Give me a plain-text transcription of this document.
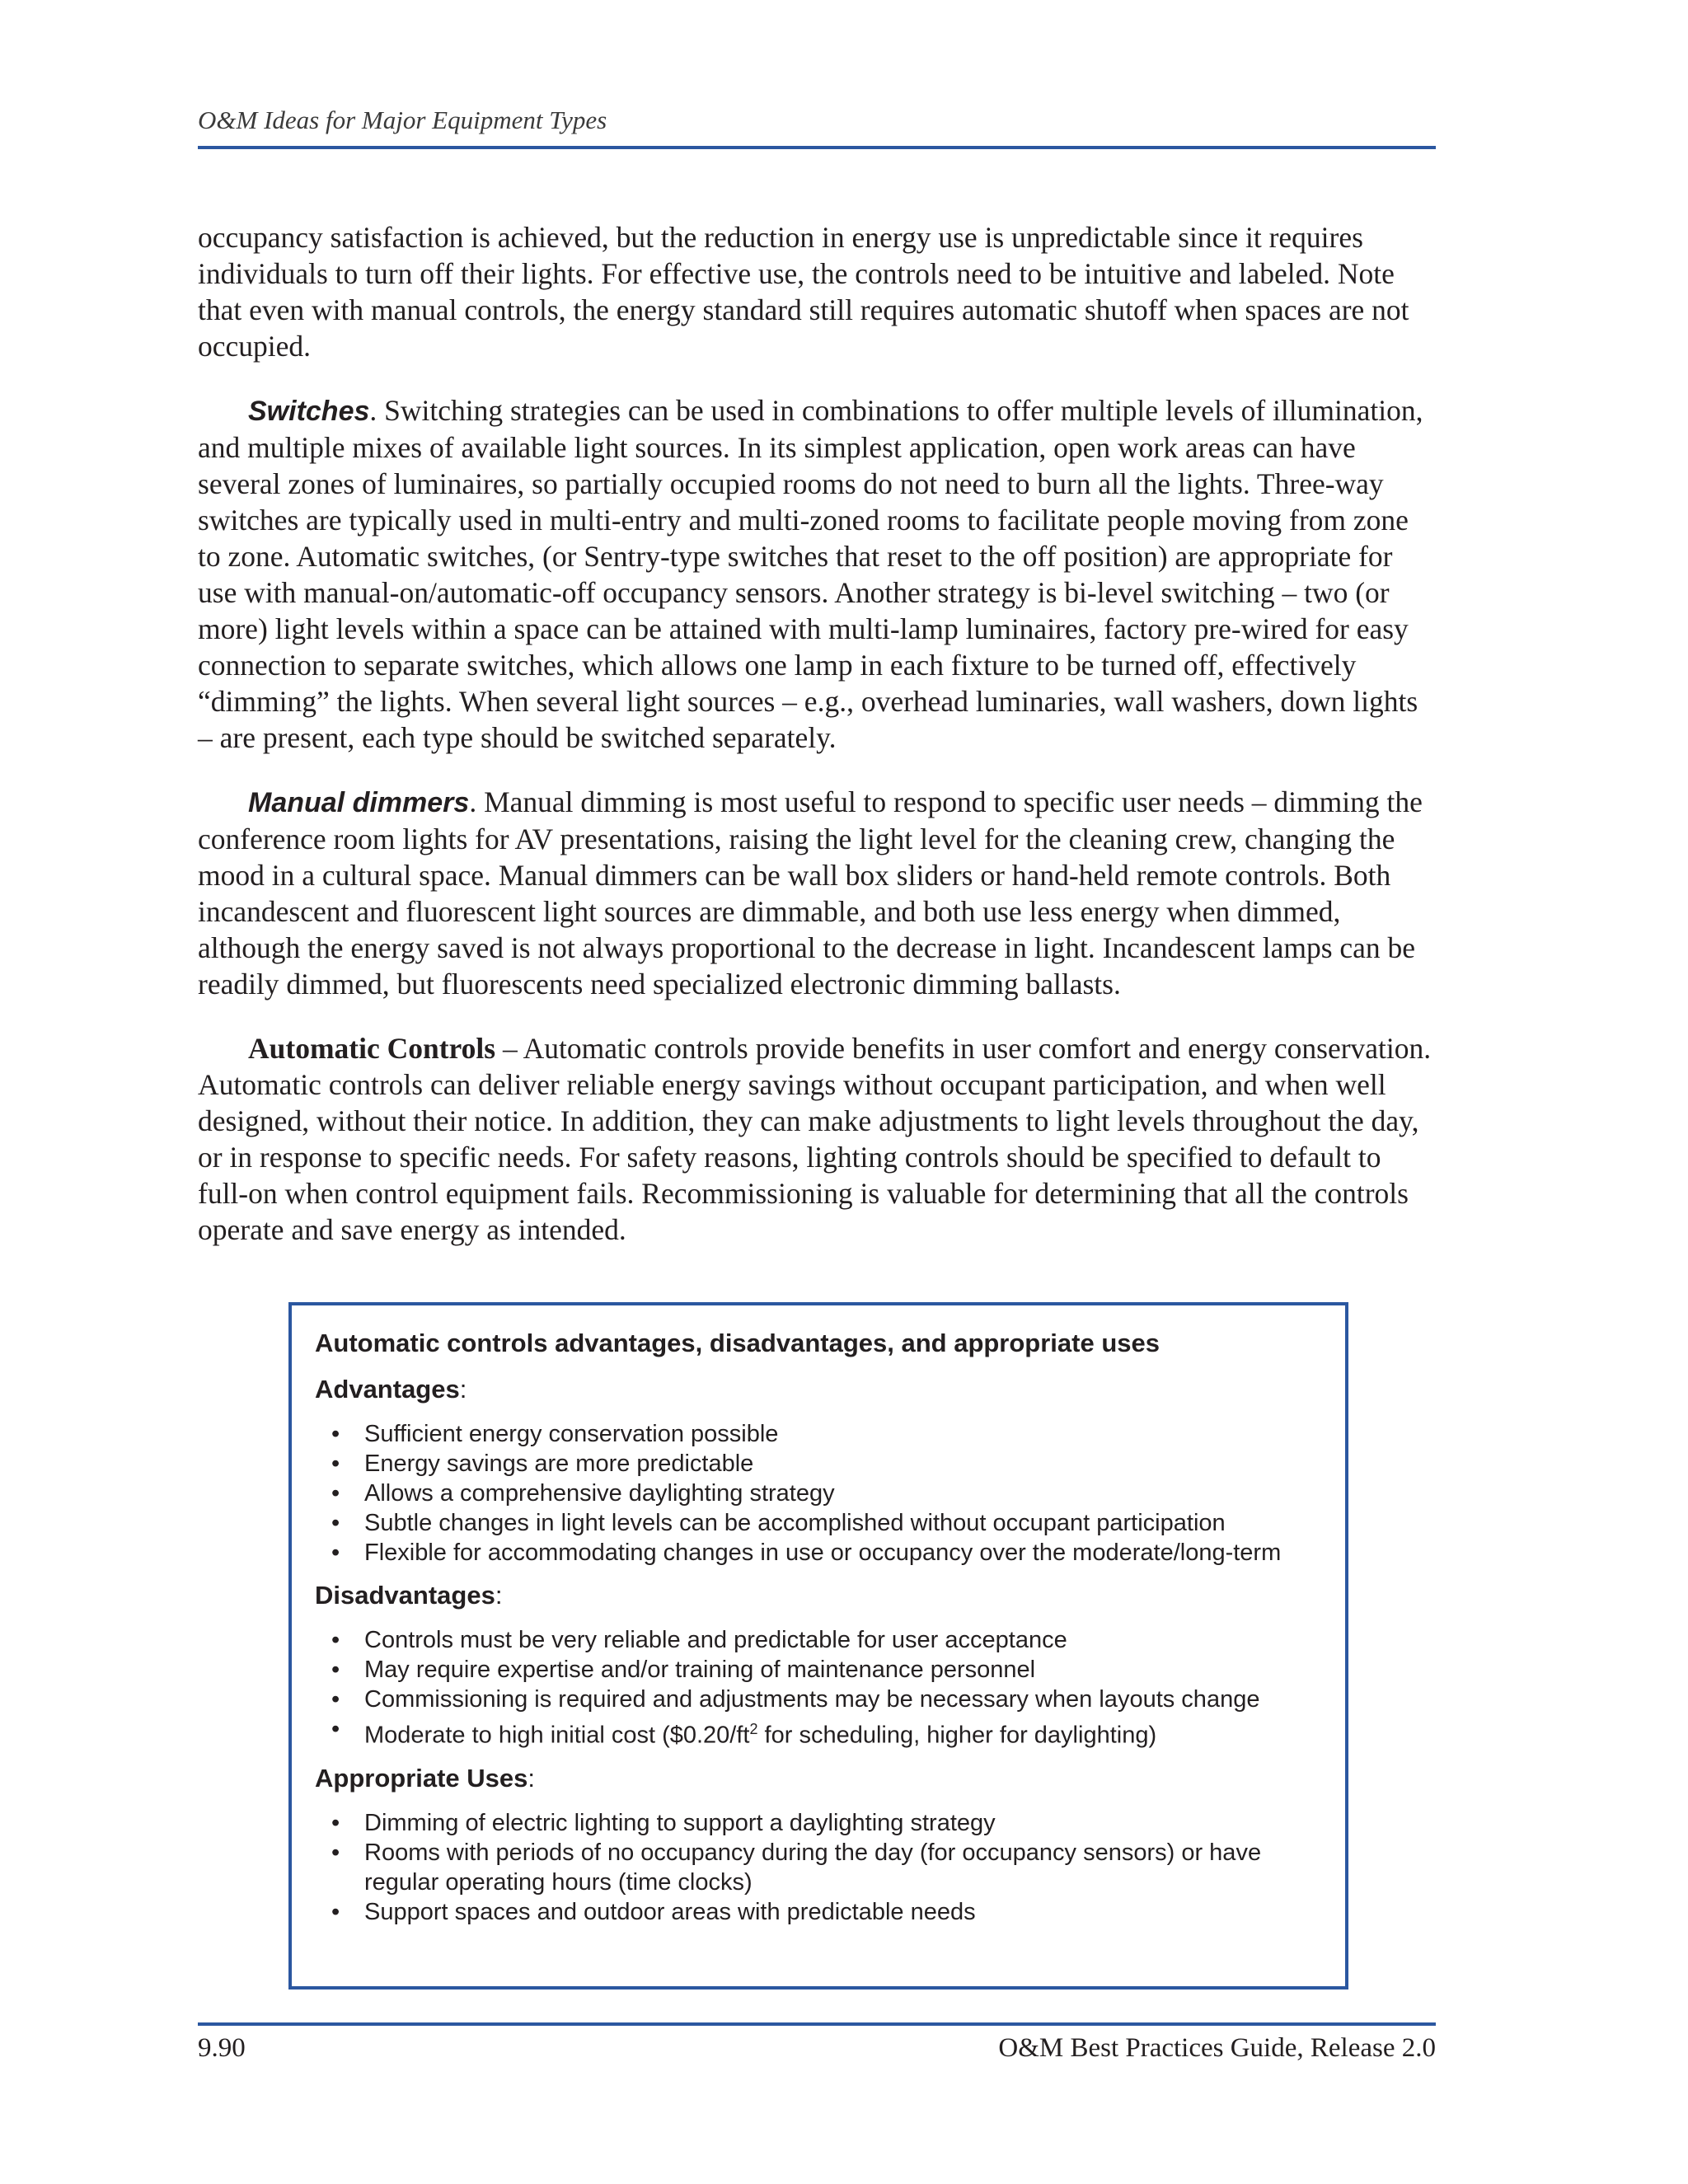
O&M Ideas for Major Equipment Types

occupancy satisfaction is achieved, but the reduction in energy use is unpredictable since it requires individuals to turn off their lights. For effective use, the controls need to be intuitive and labeled. Note that even with manual controls, the energy standard still requires automatic shutoff when spaces are not occupied.

Switches. Switching strategies can be used in combinations to offer multiple levels of illumination, and multiple mixes of available light sources. In its simplest application, open work areas can have several zones of luminaires, so partially occupied rooms do not need to burn all the lights. Three-way switches are typically used in multi-entry and multi-zoned rooms to facilitate people moving from zone to zone. Automatic switches, (or Sentry-type switches that reset to the off position) are appropriate for use with manual-on/automatic-off occupancy sensors. Another strategy is bi-level switching – two (or more) light levels within a space can be attained with multi-lamp luminaires, factory pre-wired for easy connection to separate switches, which allows one lamp in each fixture to be turned off, effectively “dimming” the lights. When several light sources – e.g., overhead luminaries, wall washers, down lights – are present, each type should be switched separately.

Manual dimmers. Manual dimming is most useful to respond to specific user needs – dimming the conference room lights for AV presentations, raising the light level for the cleaning crew, changing the mood in a cultural space. Manual dimmers can be wall box sliders or hand-held remote controls. Both incandescent and fluorescent light sources are dimmable, and both use less energy when dimmed, although the energy saved is not always proportional to the decrease in light. Incandescent lamps can be readily dimmed, but fluorescents need specialized electronic dimming ballasts.

Automatic Controls – Automatic controls provide benefits in user comfort and energy conservation. Automatic controls can deliver reliable energy savings without occupant participation, and when well designed, without their notice. In addition, they can make adjustments to light levels throughout the day, or in response to specific needs. For safety reasons, lighting controls should be specified to default to full-on when control equipment fails. Recommissioning is valuable for determining that all the controls operate and save energy as intended.

Automatic controls advantages, disadvantages, and appropriate uses
Advantages:
• Sufficient energy conservation possible
• Energy savings are more predictable
• Allows a comprehensive daylighting strategy
• Subtle changes in light levels can be accomplished without occupant participation
• Flexible for accommodating changes in use or occupancy over the moderate/long-term
Disadvantages:
• Controls must be very reliable and predictable for user acceptance
• May require expertise and/or training of maintenance personnel
• Commissioning is required and adjustments may be necessary when layouts change
• Moderate to high initial cost ($\$0.20/ft^2$ for scheduling, higher for daylighting)
Appropriate Uses:
• Dimming of electric lighting to support a daylighting strategy
• Rooms with periods of no occupancy during the day (for occupancy sensors) or have regular operating hours (time clocks)
• Support spaces and outdoor areas with predictable needs
9.90	O&M Best Practices Guide, Release 2.0
